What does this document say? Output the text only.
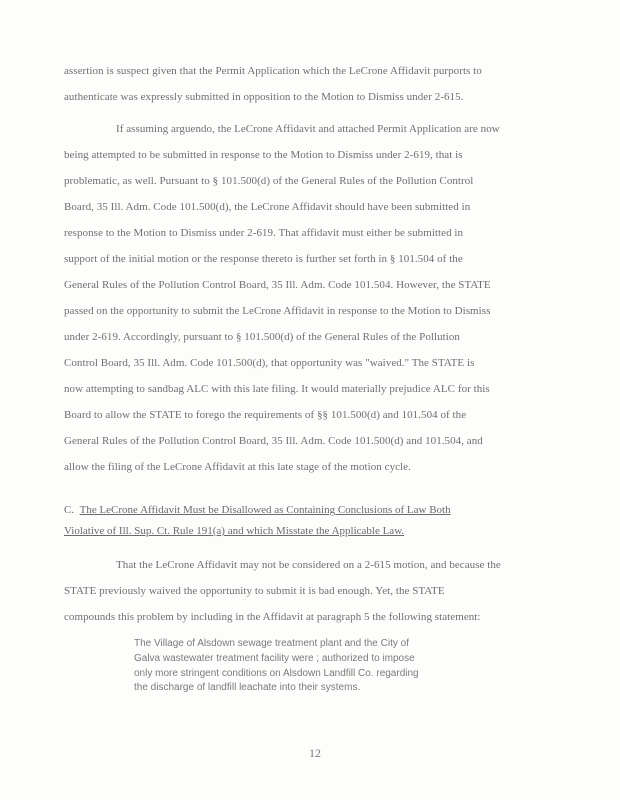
assertion is suspect given that the Permit Application which the LeCrone Affidavit purports to
authenticate was expressly submitted in opposition to the Motion to Dismiss under 2-615.
If assuming arguendo, the LeCrone Affidavit and attached Permit Application are now
being attempted to be submitted in response to the Motion to Dismiss under 2-619, that is
problematic, as well. Pursuant to § 101.500(d) of the General Rules of the Pollution Control
Board, 35 Ill. Adm. Code 101.500(d), the LeCrone Affidavit should have been submitted in
response to the Motion to Dismiss under 2-619. That affidavit must either be submitted in
support of the initial motion or the response thereto is further set forth in § 101.504 of the
General Rules of the Pollution Control Board, 35 Ill. Adm. Code 101.504. However, the STATE
passed on the opportunity to submit the LeCrone Affidavit in response to the Motion to Dismiss
under 2-619. Accordingly, pursuant to § 101.500(d) of the General Rules of the Pollution
Control Board, 35 Ill. Adm. Code 101.500(d), that opportunity was "waived." The STATE is
now attempting to sandbag ALC with this late filing. It would materially prejudice ALC for this
Board to allow the STATE to forego the requirements of §§ 101.500(d) and 101.504 of the
General Rules of the Pollution Control Board, 35 Ill. Adm. Code 101.500(d) and 101.504, and
allow the filing of the LeCrone Affidavit at this late stage of the motion cycle.
C. The LeCrone Affidavit Must be Disallowed as Containing Conclusions of Law Both
Violative of Ill. Sup. Ct. Rule 191(a) and which Misstate the Applicable Law.
That the LeCrone Affidavit may not be considered on a 2-615 motion, and because the
STATE previously waived the opportunity to submit it is bad enough. Yet, the STATE
compounds this problem by including in the Affidavit at paragraph 5 the following statement:
The Village of Alsdown sewage treatment plant and the City of
Galva wastewater treatment facility were ; authorized to impose
only more stringent conditions on Alsdown Landfill Co. regarding
the discharge of landfill leachate into their systems.
12
